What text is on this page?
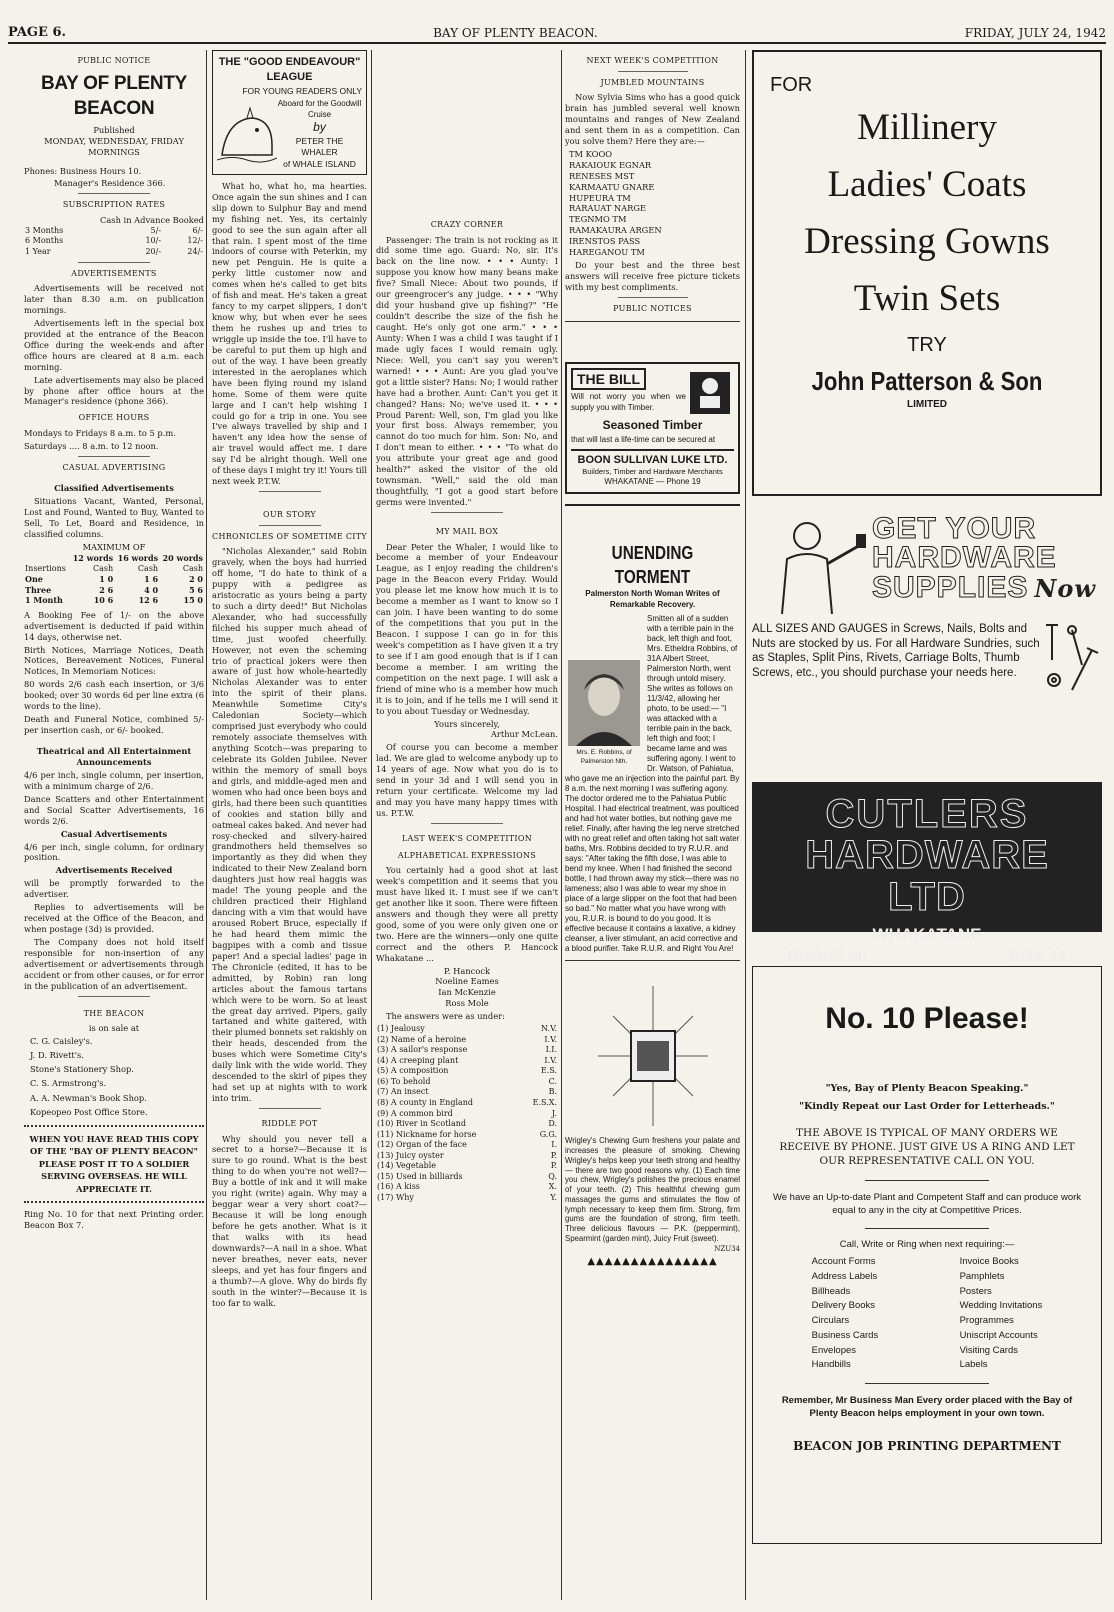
PAGE 6.	BAY OF PLENTY BEACON.	FRIDAY, JULY 24, 1942
PUBLIC NOTICE
BAY OF PLENTY BEACON
Published
MONDAY, WEDNESDAY, FRIDAY
MORNINGS

Phones: Business Hours 10.

Manager's Residence 366.

SUBSCRIPTION RATES
Cash in Advance Booked
3 Months	5/-	6/-
6 Months	10/-	12/-
1 Year	20/-	24/-
ADVERTISEMENTS

Advertisements will be received not later than 8.30 a.m. on publication mornings.

Advertisements left in the special box provided at the entrance of the Beacon Office during the week-ends and after office hours are cleared at 8 a.m. each morning.

Late advertisements may also be placed by phone after office hours at the Manager's residence (phone 366).

OFFICE HOURS

Mondays to Fridays 8 a.m. to 5 p.m.

Saturdays .... 8 a.m. to 12 noon.

CASUAL ADVERTISING
Classified Advertisements

Situations Vacant, Wanted, Personal, Lost and Found, Wanted to Buy, Wanted to Sell, To Let, Board and Residence, in classified columns.

MAXIMUM OF
	12 words	16 words	20 words
Insertions	Cash	Cash	Cash
One	1 0	1 6	2 0
Three	2 6	4 0	5 6
1 Month	10 6	12 6	15 0

A Booking Fee of 1/- on the above advertisement is deducted if paid within 14 days, otherwise net.

Birth Notices, Marriage Notices, Death Notices, Bereavement Notices, Funeral Notices, In Memoriam Notices:

80 words 2/6 cash each insertion, or 3/6 booked; over 30 words 6d per line extra (6 words to the line).

Death and Funeral Notice, combined 5/- per insertion cash, or 6/- booked.

Theatrical and All Entertainment Announcements

4/6 per inch, single column, per insertion, with a minimum charge of 2/6.

Dance Scatters and other Entertainment and Social Scatter Advertisements, 16 words 2/6.

Casual Advertisements

4/6 per inch, single column, for ordinary position.

Advertisements Received

will be promptly forwarded to the advertiser.

Replies to advertisements will be received at the Office of the Beacon, and when postage (3d) is provided.

The Company does not hold itself responsible for non-insertion of any advertisement or advertisements through accident or from other causes, or for error in the publication of an advertisement.

THE BEACON
is on sale at
C. G. Caisley's.
J. D. Rivett's.
Stone's Stationery Shop.
C. S. Armstrong's.
A. A. Newman's Book Shop.
Kopeopeo Post Office Store.
WHEN YOU HAVE READ THIS COPY OF THE "BAY OF PLENTY BEACON" PLEASE POST IT TO A SOLDIER SERVING OVERSEAS. HE WILL APPRECIATE IT.

Ring No. 10 for that next Printing order. Beacon Box 7.

THE "GOOD ENDEAVOUR" LEAGUE
FOR YOUNG READERS ONLY
Aboard for the Goodwill Cruise
by
PETER THE WHALER
of WHALE ISLAND

What ho, what ho, ma hearties. Once again the sun shines and I can slip down to Sulphur Bay and mend my fishing net. Yes, its certainly good to see the sun again after all that rain. I spent most of the time indoors of course with Peterkin, my new pet Penguin. He is quite a perky little customer now and comes when he's called to get bits of fish and meat. He's taken a great fancy to my carpet slippers, I don't know why, but when ever he sees them he rushes up and tries to wriggle up inside the toe. I'll have to be careful to put them up high and out of the way. I have been greatly interested in the aeroplanes which have been flying round my island home. Some of them were quite large and I can't help wishing I could go for a trip in one. You see I've always travelled by ship and I haven't any idea how the sense of air travel would affect me. I dare say I'd be alright though. Well one of these days I might try it! Yours till next week P.T.W.

OUR STORY
CHRONICLES OF SOMETIME CITY

"Nicholas Alexander," said Robin gravely, when the boys had hurried off home, "I do hate to think of a puppy with a pedigree as aristocratic as yours being a party to such a dirty deed!" But Nicholas Alexander, who had successfully filched his supper much ahead of time, just woofed cheerfully. However, not even the scheming trio of practical jokers were then aware of just how whole-heartedly Nicholas Alexander was to enter into the spirit of their plans. Meanwhile Sometime City's Caledonian Society—which comprised just everybody who could remotely associate themselves with anything Scotch—was preparing to celebrate its Golden Jubilee. Never within the memory of small boys and girls, and middle-aged men and women who had once been boys and girls, had there been such quantities of cookies and station billy and oatmeal cakes baked. And never had rosy-checked and silvery-haired grandmothers held themselves so importantly as they did when they indicated to their New Zealand born daughters just how real haggis was made! The young people and the children practiced their Highland dancing with a vim that would have aroused Robert Bruce, especially if he had heard them mimic the bagpipes with a comb and tissue paper! And a special ladies' page in The Chronicle (edited, it has to be admitted, by Robin) ran long articles about the famous tartans which were to be worn. So at least the great day arrived. Pipers, gaily tartaned and white gaitered, with their plumed bonnets set rakishly on their heads, descended from the buses which were Sometime City's daily link with the wide world. They descended to the skirl of pipes they had set up at nights with to work into trim.

RIDDLE POT

Why should you never tell a secret to a horse?—Because it is sure to go round. What is the best thing to do when you're not well?—Buy a bottle of ink and it will make you right (write) again. Why may a beggar wear a very short coat?—Because it will be long enough before he gets another. What is it that walks with its head downwards?—A nail in a shoe. What never breathes, never eats, never sleeps, and yet has four fingers and a thumb?—A glove. Why do birds fly south in the winter?—Because it is too far to walk.

CRAZY CORNER

Passenger: The train is not rocking as it did some time ago. Guard: No, sir. It's back on the line now. • • • Aunty: I suppose you know how many beans make five? Small Niece: About two pounds, if our greengrocer's any judge. • • • "Why did your husband give up fishing?" "He couldn't describe the size of the fish he caught. He's only got one arm." • • • Aunty: When I was a child I was taught if I made ugly faces I would remain ugly. Niece: Well, you can't say you weren't warned! • • • Aunt: Are you glad you've got a little sister? Hans: No; I would rather have had a brother. Aunt: Can't you get it changed? Hans: No; we've used it. • • • Proud Parent: Well, son, I'm glad you like your first boss. Always remember, you cannot do too much for him. Son: No, and I don't mean to either. • • • "To what do you attribute your great age and good health?" asked the visitor of the old townsman. "Well," said the old man thoughtfully, "I got a good start before germs were invented."

MY MAIL BOX

Dear Peter the Whaler, I would like to become a member of your Endeavour League, as I enjoy reading the children's page in the Beacon every Friday. Would you please let me know how much it is to become a member as I want to know so I can join. I have been wanting to do some of the competitions that you put in the Beacon. I suppose I can go in for this week's competition as I have given it a try to see if I am good enough that is if I can become a member. I am writing the competition on the next page. I will ask a friend of mine who is a member how much it is to join, and if he tells me I will send it to you about Tuesday or Wednesday.

Yours sincerely,
Arthur McLean.

Of course you can become a member lad. We are glad to welcome anybody up to 14 years of age. Now what you do is to send in your 3d and I will send you in return your certificate. Welcome my lad and may you have many happy times with us. P.T.W.

LAST WEEK'S COMPETITION
ALPHABETICAL EXPRESSIONS

You certainly had a good shot at last week's competition and it seems that you must have liked it. I must see if we can't get another like it soon. There were fifteen answers and though they were all pretty good, some of you were only given one or two. Here are the winners—only one quite correct and the others P. Hancock Whakatane ...

P. Hancock
Noeline Eames
Ian McKenzie
Ross Mole

The answers were as under:

(1) Jealousy	N.V.
(2) Name of a heroine	I.V.
(3) A sailor's response	I.I.
(4) A creeping plant	I.V.
(5) A composition	E.S.
(6) To behold	C.
(7) An insect	B.
(8) A county in England	E.S.X.
(9) A common bird	J.
(10) River in Scotland	D.
(11) Nickname for horse	G.G.
(12) Organ of the face	I.
(13) Juicy oyster	P.
(14) Vegetable	P.
(15) Used in billiards	Q.
(16) A kiss	X.
(17) Why	Y.
NEXT WEEK'S COMPETITION
JUMBLED MOUNTAINS

Now Sylvia Sims who has a good quick brain has jumbled several well known mountains and ranges of New Zealand and sent them in as a competition. Can you solve them? Here they are:—

TM KOOO
RAKAIOUK EGNAR
RENESES MST
KARMAATU GNARE
HUPEURA TM
RARAUAT NARGE
TEGNMO TM
RAMAKAURA ARGEN
IRENSTOS PASS
HAREGANOU TM

Do your best and the three best answers will receive free picture tickets with my best compliments.

PUBLIC NOTICES
THE BILL

Will not worry you when we supply you with Timber.

Seasoned Timber

that will last a life-time can be secured at

BOON SULLIVAN LUKE LTD.
Builders, Timber and Hardware Merchants
WHAKATANE — Phone 19
UNENDING TORMENT
Palmerston North Woman Writes of Remarkable Recovery.
Mrs. E. Robbins, of Palmerston Nth.
Smitten all of a sudden with a terrible pain in the back, left thigh and foot, Mrs. Etheldra Robbins, of 31A Albert Street, Palmerston North, went through untold misery. She writes as follows on 11/3/42, allowing her photo, to be used:— "I was attacked with a terrible pain in the back, left thigh and foot; I became lame and was suffering agony. I went to Dr. Watson, of Pahiatua, who gave me an injection into the painful part. By 8 a.m. the next morning I was suffering agony. The doctor ordered me to the Pahiatua Public Hospital. I had electrical treatment, was poulticed and had hot water bottles, but nothing gave me relief. Finally, after having the leg nerve stretched with no great relief and often taking hot salt water baths, Mrs. Robbins decided to try R.U.R. and says: "After taking the fifth dose, I was able to bend my knee. When I had finished the second bottle, I had thrown away my stick—there was no lameness; also I was able to wear my shoe in place of a large slipper on the foot that had been so bad." No matter what you have wrong with you, R.U.R. is bound to do you good. It is effective because it contains a laxative, a kidney cleanser, a liver stimulant, an acid corrective and a blood purifier. Take R.U.R. and Right You Are!

Wrigley's Chewing Gum freshens your palate and increases the pleasure of smoking. Chewing Wrigley's helps keep your teeth strong and healthy — there are two good reasons why. (1) Each time you chew, Wrigley's polishes the precious enamel of your teeth. (2) This healthful chewing gum massages the gums and stimulates the flow of lymph necessary to keep them firm. Strong, firm gums are the foundation of strong, firm teeth. Three delicious flavours — P.K. (peppermint), Spearmint (garden mint), Juicy Fruit (sweet).

NZU34
▲▲▲▲▲▲▲▲▲▲▲▲▲▲▲
FOR
Millinery
Ladies' Coats
Dressing Gowns
Twin Sets
TRY
John Patterson & Son
LIMITED
GET YOUR
HARDWARE
SUPPLIES Now

ALL SIZES AND GAUGES in Screws, Nails, Bolts and Nuts are stocked by us. For all Hardware Sundries, such as Staples, Split Pins, Rivets, Carriage Bolts, Thumb Screws, etc., you should purchase your needs here.

CUTLERS
HARDWARE LTD
WHAKATANE
PHONE 80	BOX 44
No. 10 Please!
"Yes, Bay of Plenty Beacon Speaking."
"Kindly Repeat our Last Order for Letterheads."
THE ABOVE IS TYPICAL OF MANY ORDERS WE RECEIVE BY PHONE. JUST GIVE US A RING AND LET OUR REPRESENTATIVE CALL ON YOU.
We have an Up-to-date Plant and Competent Staff and can produce work equal to any in the city at Competitive Prices.
Call, Write or Ring when next requiring:—
Account Forms
Address Labels
Billheads
Delivery Books
Circulars
Business Cards
Envelopes
Handbills
Invoice Books
Pamphlets
Posters
Wedding Invitations
Programmes
Uniscript Accounts
Visiting Cards
Labels
Remember, Mr Business Man Every order placed with the Bay of Plenty Beacon helps employment in your own town.
BEACON JOB PRINTING DEPARTMENT
